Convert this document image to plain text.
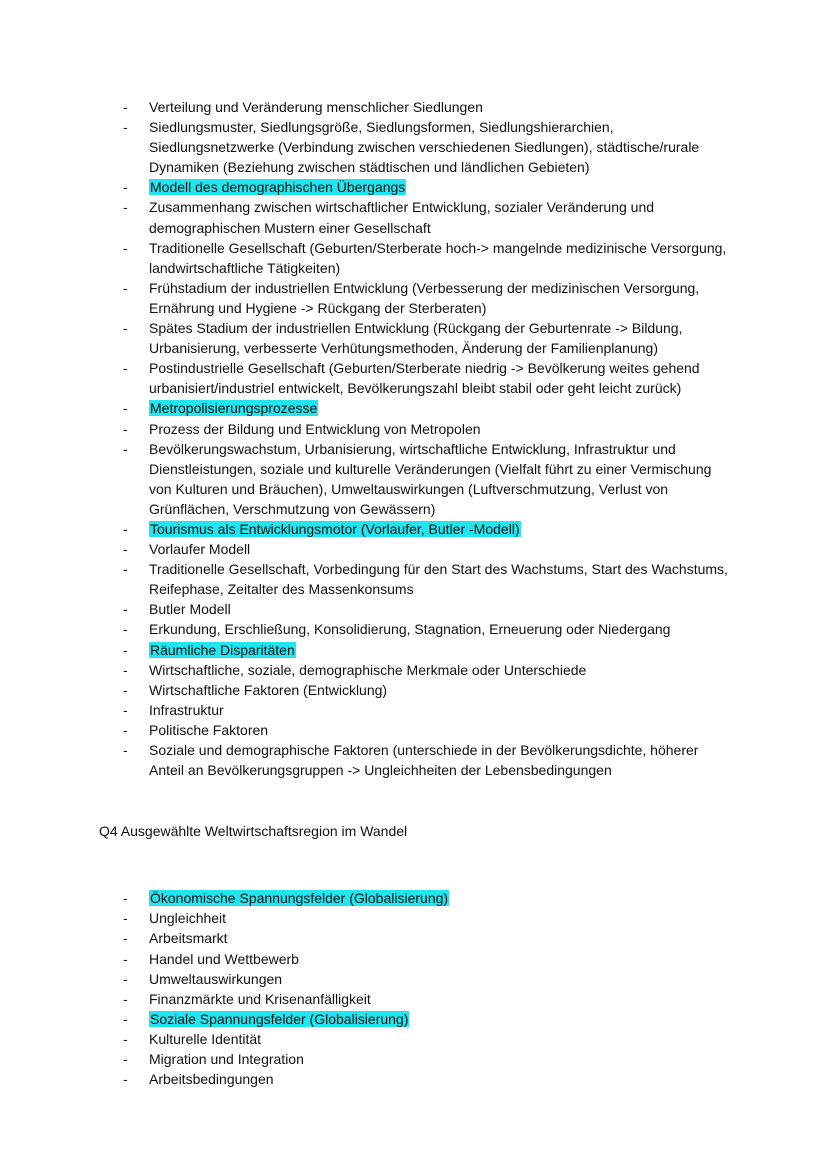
- Verteilung und Veränderung menschlicher Siedlungen
- Siedlungsmuster, Siedlungsgröße, Siedlungsformen, Siedlungshierarchien, Siedlungsnetzwerke (Verbindung zwischen verschiedenen Siedlungen), städtische/rurale Dynamiken (Beziehung zwischen städtischen und ländlichen Gebieten)
- Modell des demographischen Übergangs
- Zusammenhang zwischen wirtschaftlicher Entwicklung, sozialer Veränderung und demographischen Mustern einer Gesellschaft
- Traditionelle Gesellschaft (Geburten/Sterberate hoch-> mangelnde medizinische Versorgung, landwirtschaftliche Tätigkeiten)
- Frühstadium der industriellen Entwicklung (Verbesserung der medizinischen Versorgung, Ernährung und Hygiene -> Rückgang der Sterberaten)
- Spätes Stadium der industriellen Entwicklung (Rückgang der Geburtenrate -> Bildung, Urbanisierung, verbesserte Verhütungsmethoden, Änderung der Familienplanung)
- Postindustrielle Gesellschaft (Geburten/Sterberate niedrig -> Bevölkerung weites gehend urbanisiert/industriel entwickelt, Bevölkerungszahl bleibt stabil oder geht leicht zurück)
- Metropolisierungsprozesse
- Prozess der Bildung und Entwicklung von Metropolen
- Bevölkerungswachstum, Urbanisierung, wirtschaftliche Entwicklung, Infrastruktur und Dienstleistungen, soziale und kulturelle Veränderungen (Vielfalt führt zu einer Vermischung von Kulturen und Bräuchen), Umweltauswirkungen (Luftverschmutzung, Verlust von Grünflächen, Verschmutzung von Gewässern)
- Tourismus als Entwicklungsmotor (Vorlaufer, Butler -Modell)
- Vorlaufer Modell
- Traditionelle Gesellschaft, Vorbedingung für den Start des Wachstums, Start des Wachstums, Reifephase, Zeitalter des Massenkonsums
- Butler Modell
- Erkundung, Erschließung, Konsolidierung, Stagnation, Erneuerung oder Niedergang
- Räumliche Disparitäten
- Wirtschaftliche, soziale, demographische Merkmale oder Unterschiede
- Wirtschaftliche Faktoren (Entwicklung)
- Infrastruktur
- Politische Faktoren
- Soziale und demographische Faktoren (unterschiede in der Bevölkerungsdichte, höherer Anteil an Bevölkerungsgruppen -> Ungleichheiten der Lebensbedingungen
Q4 Ausgewählte Weltwirtschaftsregion im Wandel
- Ökonomische Spannungsfelder (Globalisierung)
- Ungleichheit
- Arbeitsmarkt
- Handel und Wettbewerb
- Umweltauswirkungen
- Finanzmärkte und Krisenanfälligkeit
- Soziale Spannungsfelder (Globalisierung)
- Kulturelle Identität
- Migration und Integration
- Arbeitsbedingungen
